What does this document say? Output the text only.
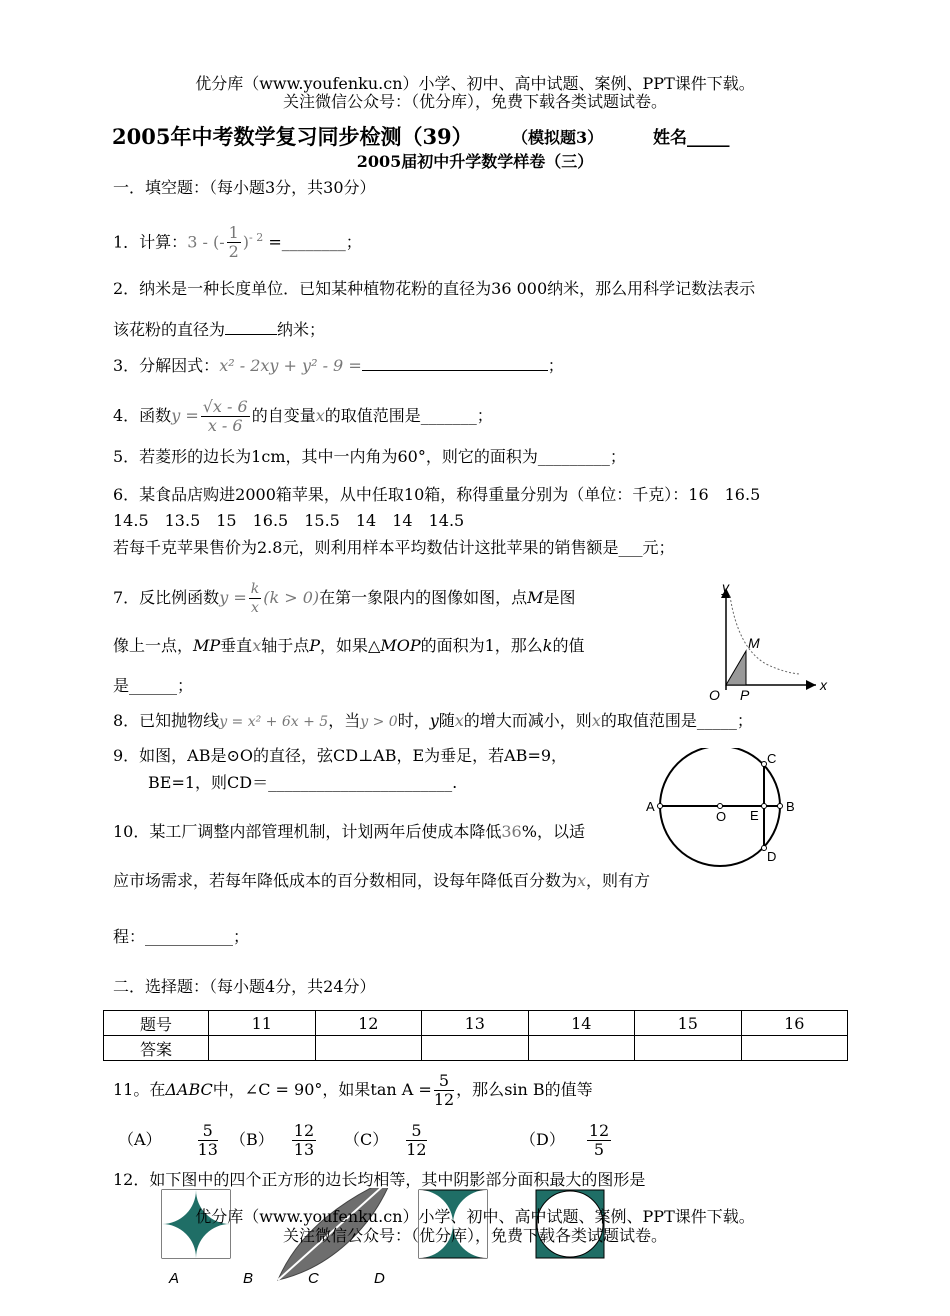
优分库（www.youfenku.cn）小学、初中、高中试题、案例、PPT课件下载。
关注微信公众号：（优分库），免费下载各类试题试卷。
2005年中考数学复习同步检测（39） （模拟题3）	姓名_____
2005届初中升学数学样卷（三）
一．填空题：（每小题3分，共30分）
1．计算：3 - (- $\frac{1}{2} )^{- 2}$ =________；
2．纳米是一种长度单位．已知某种植物花粉的直径为36 000纳米，那么用科学记数法表示
该花粉的直径为	纳米；
3．分解因式：x² - 2xy + y² - 9 =	；
4．函数$y = \frac{√x - 6}{x - 6}$ 的自变量x的取值范围是_______；
5．若菱形的边长为1cm，其中一内角为60°，则它的面积为_________；
6．某食品店购进2000箱苹果，从中任取10箱，称得重量分别为（单位：千克）：16　16.5
14.5　13.5　15　16.5　15.5　14　14　14.5
若每千克苹果售价为2.8元，则利用样本平均数估计这批苹果的销售额是___元；
7．反比例函数$y = \frac{k}{x} (k > 0)$在第一象限内的图像如图，点M是图
像上一点，MP垂直x轴于点P，如果△MOP的面积为1，那么k的值
是______；
y
x
M
O P
8．已知抛物线y = x² + 6x + 5，当y > 0时，y随x的增大而减小，则x的取值范围是_____；
9．如图，AB是⊙O的直径，弦CD⊥AB，E为垂足，若AB=9，
BE=1，则CD＝_______________________.
A	B
C
D
O E
10．某工厂调整内部管理机制，计划两年后使成本降低36%，以适
应市场需求，若每年降低成本的百分数相同，设每年降低百分数为x，则有方
程：___________；
二．选择题：（每小题4分，共24分）
题号	11	12	13	14	15	16
答案						
11。在ΔABC中，∠C = 90°，如果$\tan A = \frac{5}{12}$ ，那么sin B的值等
$(A) \frac{5}{13} (B) \frac{12}{13} (C) \frac{5}{12}$	$(D) \frac{12}{5}$
12．如下图中的四个正方形的边长均相等，其中阴影部分面积最大的图形是
A	B	C	D
优分库（www.youfenku.cn）小学、初中、高中试题、案例、PPT课件下载。
关注微信公众号：（优分库），免费下载各类试题试卷。
